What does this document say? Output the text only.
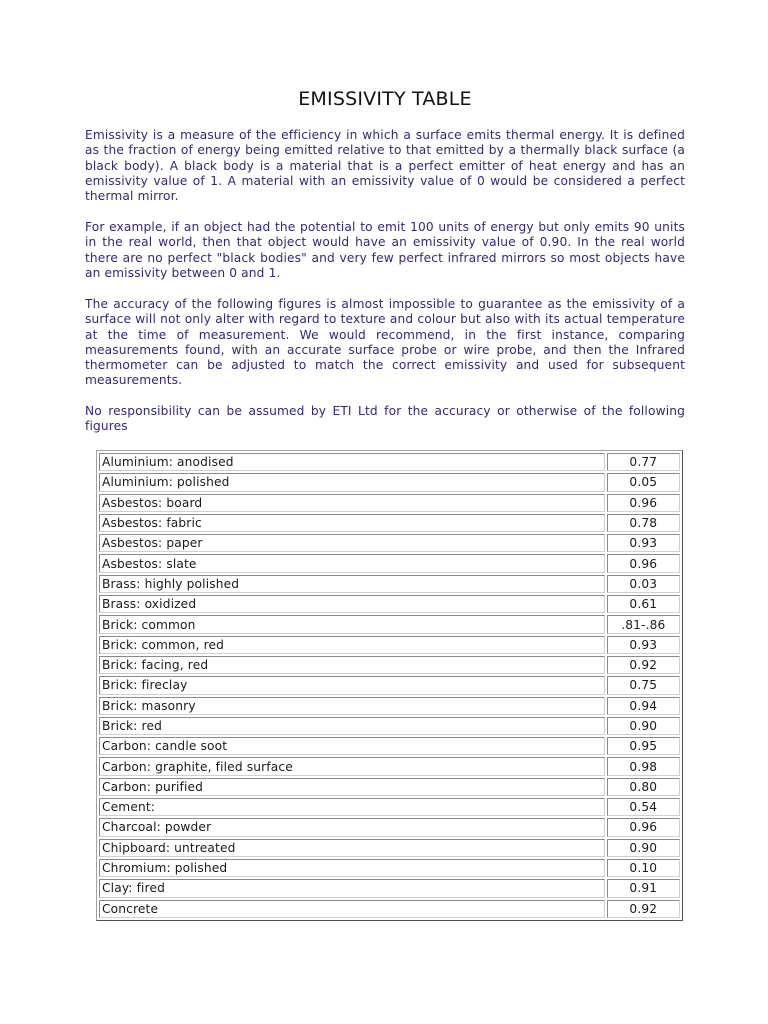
EMISSIVITY TABLE

Emissivity is a measure of the efficiency in which a surface emits thermal energy. It is defined as the fraction of energy being emitted relative to that emitted by a thermally black surface (a black body). A black body is a material that is a perfect emitter of heat energy and has an emissivity value of 1. A material with an emissivity value of 0 would be considered a perfect thermal mirror.

For example, if an object had the potential to emit 100 units of energy but only emits 90 units in the real world, then that object would have an emissivity value of 0.90. In the real world there are no perfect "black bodies" and very few perfect infrared mirrors so most objects have an emissivity between 0 and 1.

The accuracy of the following figures is almost impossible to guarantee as the emissivity of a surface will not only alter with regard to texture and colour but also with its actual temperature at the time of measurement. We would recommend, in the first instance, comparing measurements found, with an accurate surface probe or wire probe, and then the Infrared thermometer can be adjusted to match the correct emissivity and used for subsequent measurements.

No responsibility can be assumed by ETI Ltd for the accuracy or otherwise of the following figures

Aluminium: anodised	0.77
Aluminium: polished	0.05
Asbestos: board	0.96
Asbestos: fabric	0.78
Asbestos: paper	0.93
Asbestos: slate	0.96
Brass: highly polished	0.03
Brass: oxidized	0.61
Brick: common	.81-.86
Brick: common, red	0.93
Brick: facing, red	0.92
Brick: fireclay	0.75
Brick: masonry	0.94
Brick: red	0.90
Carbon: candle soot	0.95
Carbon: graphite, filed surface	0.98
Carbon: purified	0.80
Cement:	0.54
Charcoal: powder	0.96
Chipboard: untreated	0.90
Chromium: polished	0.10
Clay: fired	0.91
Concrete	0.92
